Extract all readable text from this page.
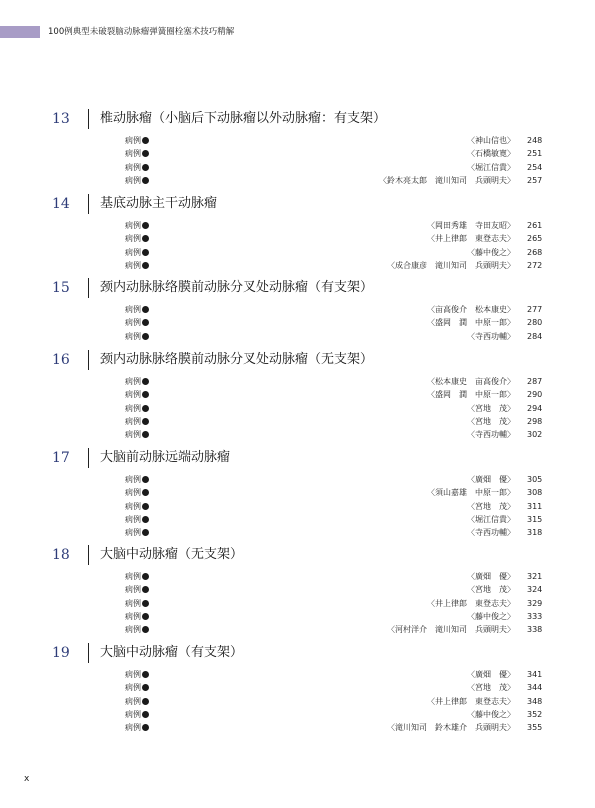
100例典型未破裂脑动脉瘤弹簧圈栓塞术技巧精解
13 椎动脉瘤（小脑后下动脉瘤以外动脉瘤：有支架）
病例	〈神山信也〉 248
病例	〈石橋敏寛〉 251
病例	〈堀江信貴〉 254
病例	〈鈴木亮太郎　滝川知司　兵頭明夫〉 257
14 基底动脉主干动脉瘤
病例	〈岡田秀雄　寺田友昭〉 261
病例	〈井上律郎　東登志夫〉 265
病例	〈藤中俊之〉 268
病例	〈成合康彦　滝川知司　兵頭明夫〉 272
15 颈内动脉脉络膜前动脉分叉处动脉瘤（有支架）
病例	〈亩高俊介　松本康史〉 277
病例	〈盛岡　潤　中原一郎〉 280
病例	〈寺西功輔〉 284
16 颈内动脉脉络膜前动脉分叉处动脉瘤（无支架）
病例	〈松本康史　亩高俊介〉 287
病例	〈盛岡　潤　中原一郎〉 290
病例	〈宮地　茂〉 294
病例	〈宮地　茂〉 298
病例	〈寺西功輔〉 302
17 大脑前动脉远端动脉瘤
病例	〈廣畑　優〉 305
病例	〈須山嘉雄　中原一郎〉 308
病例	〈宮地　茂〉 311
病例	〈堀江信貴〉 315
病例	〈寺西功輔〉 318
18 大脑中动脉瘤（无支架）
病例	〈廣畑　優〉 321
病例	〈宮地　茂〉 324
病例	〈井上律郎　東登志夫〉 329
病例	〈藤中俊之〉 333
病例	〈河村洋介　滝川知司　兵頭明夫〉 338
19 大脑中动脉瘤（有支架）
病例	〈廣畑　優〉 341
病例	〈宮地　茂〉 344
病例	〈井上律郎　東登志夫〉 348
病例	〈藤中俊之〉 352
病例	〈滝川知司　鈴木雄介　兵頭明夫〉 355
x
